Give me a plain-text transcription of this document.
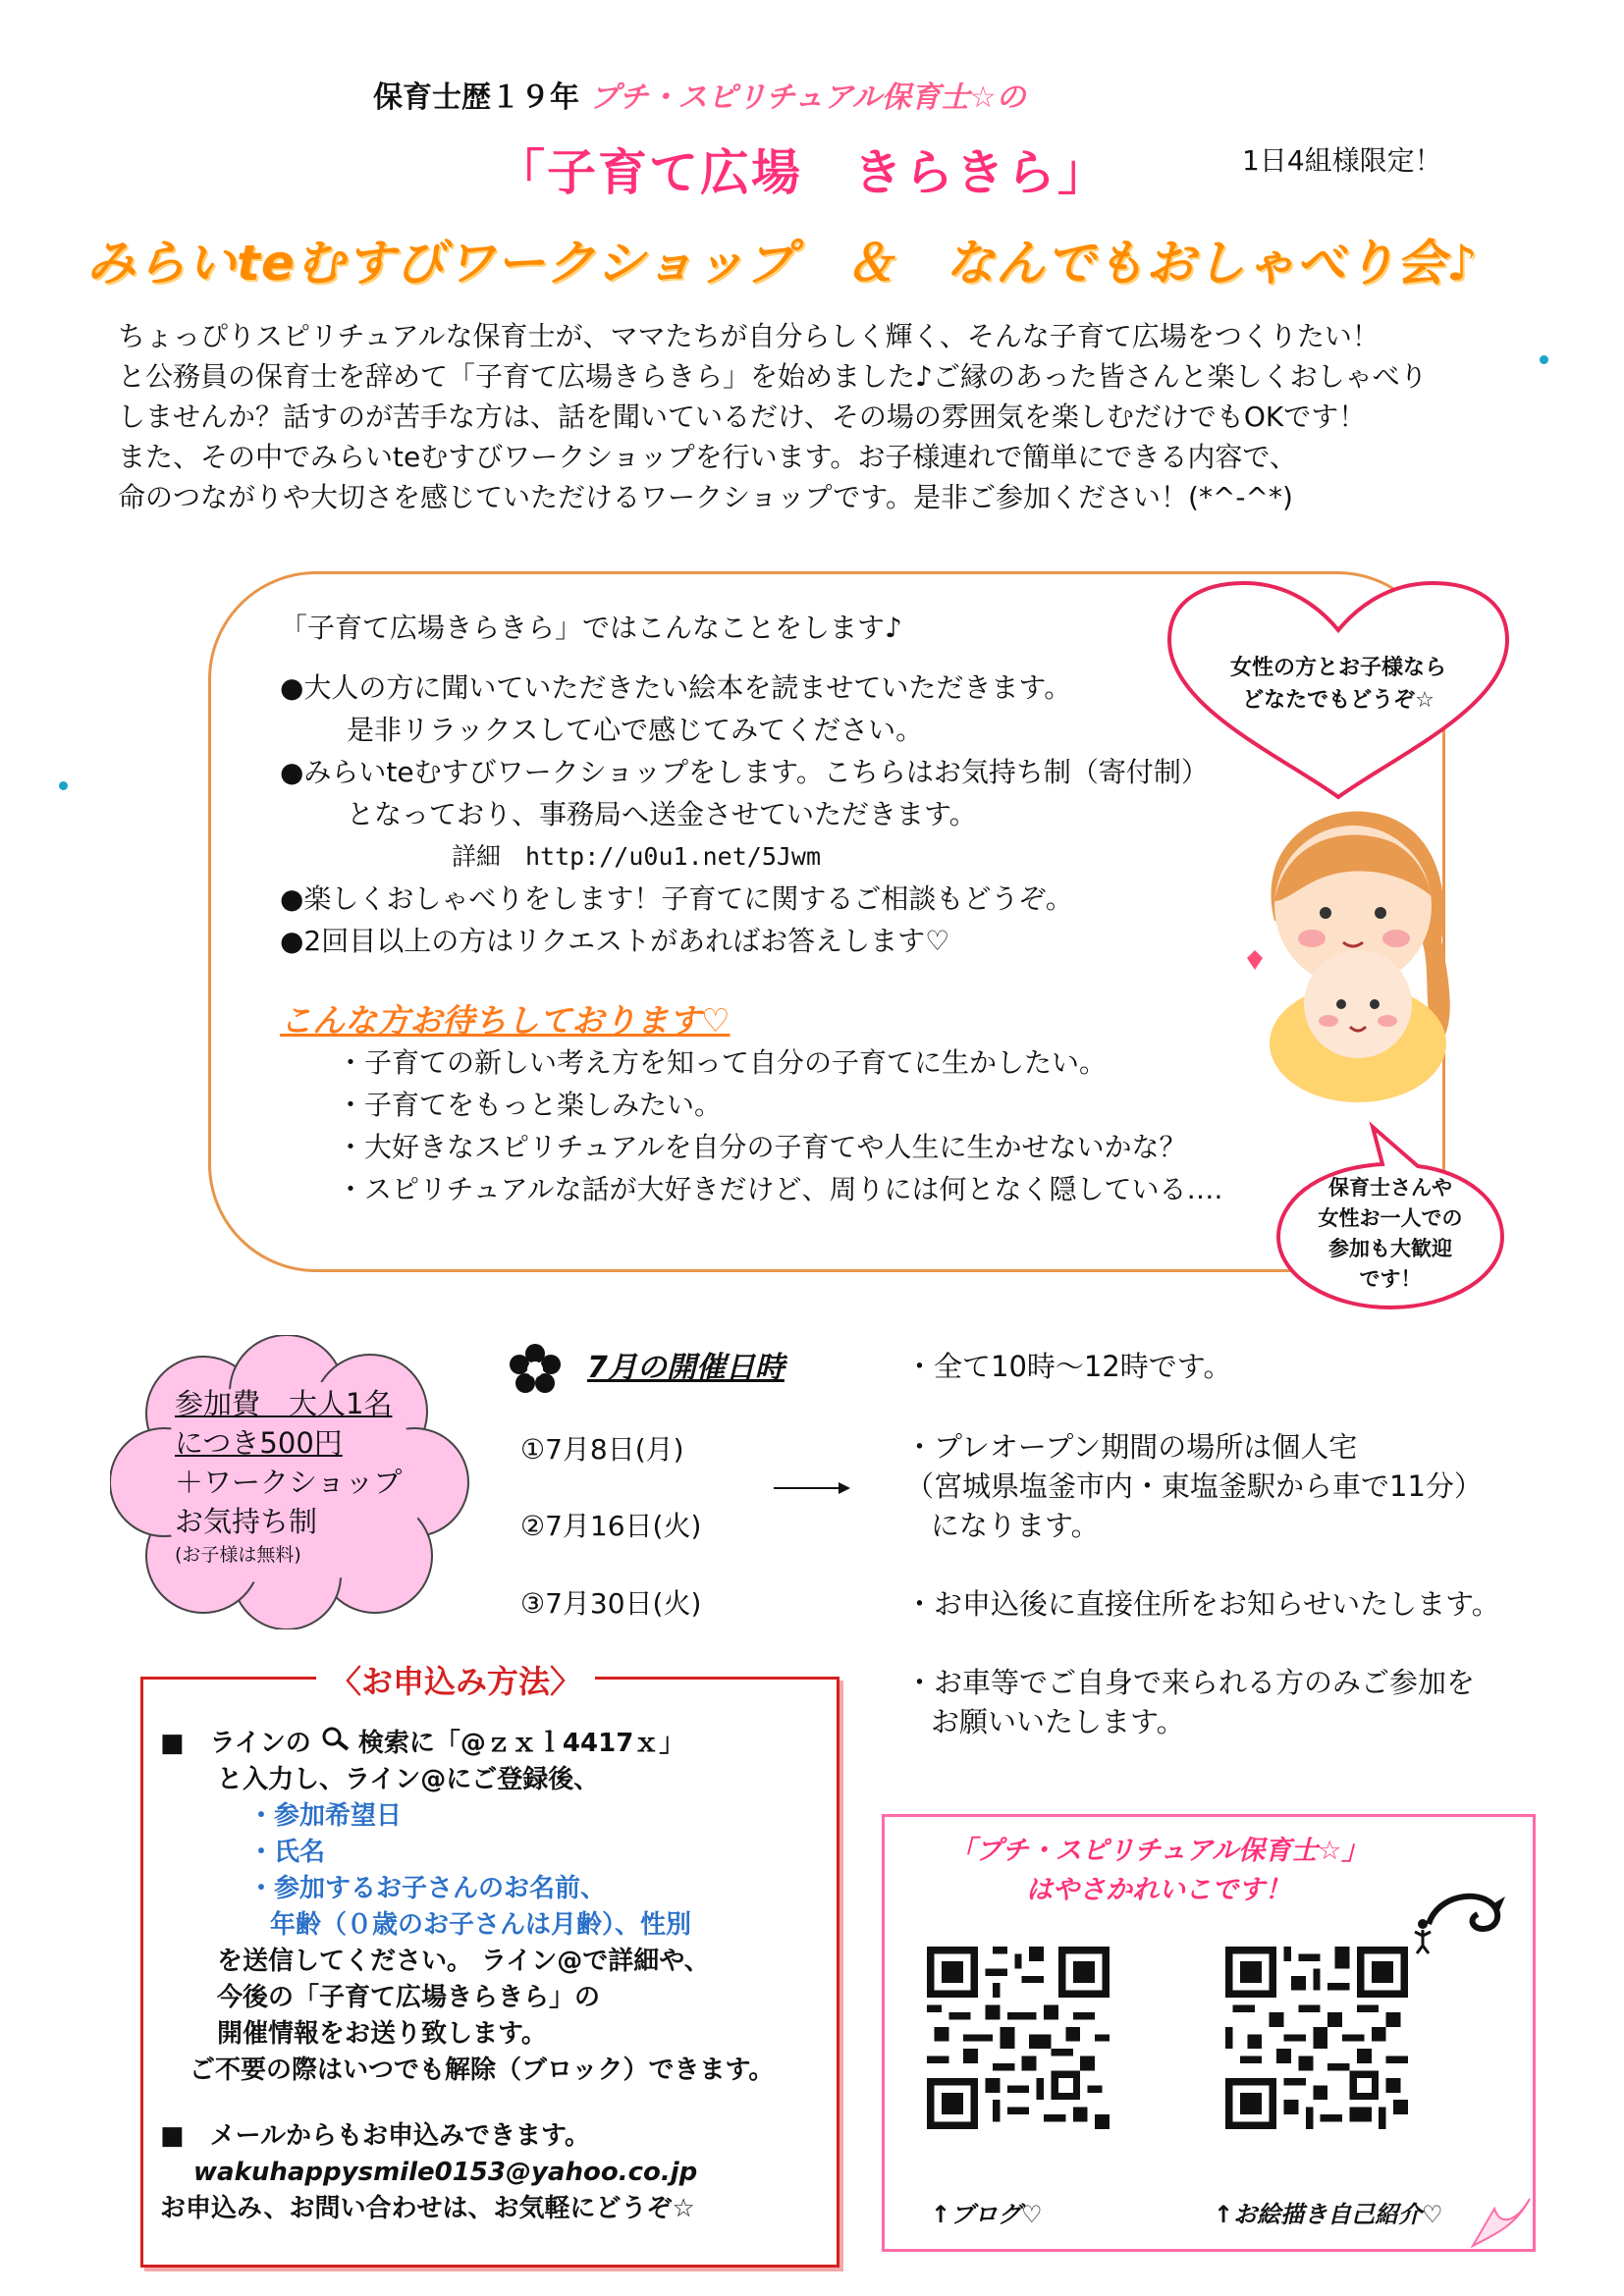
保育士歴１９年 プチ・スピリチュアル保育士☆の
「子育て広場　きらきら」	1日4組様限定！
みらいteむすびワークショップ　＆　なんでもおしゃべり会♪
ちょっぴりスピリチュアルな保育士が、ママたちが自分らしく輝く、そんな子育て広場をつくりたい！
と公務員の保育士を辞めて「子育て広場きらきら」を始めました♪ご縁のあった皆さんと楽しくおしゃべり
しませんか？話すのが苦手な方は、話を聞いているだけ、その場の雰囲気を楽しむだけでもOKです！
また、その中でみらいteむすびワークショップを行います。お子様連れで簡単にできる内容で、
命のつながりや大切さを感じていただけるワークショップです。是非ご参加ください！(*^-^*)
「子育て広場きらきら」ではこんなことをします♪
●大人の方に聞いていただきたい絵本を読ませていただきます。
是非リラックスして心で感じてみてください。
●みらいteむすびワークショップをします。こちらはお気持ち制（寄付制）
となっており、事務局へ送金させていただきます。
詳細　http://u0u1.net/5Jwm
●楽しくおしゃべりをします！子育てに関するご相談もどうぞ。
●2回目以上の方はリクエストがあればお答えします♡
こんな方お待ちしております♡
・子育ての新しい考え方を知って自分の子育てに生かしたい。
・子育てをもっと楽しみたい。
・大好きなスピリチュアルを自分の子育てや人生に生かせないかな？
・スピリチュアルな話が大好きだけど、周りには何となく隠している….
女性の方とお子様なら
どなたでもどうぞ☆
保育士さんや
女性お一人での
参加も大歓迎
です！
参加費　大人1名
につき500円
＋ワークショップ
お気持ち制
(お子様は無料)
7月の開催日時
①7月8日(月)
②7月16日(火)
③7月30日(火)
・全て10時～12時です。
・プレオープン期間の場所は個人宅
（宮城県塩釜市内・東塩釜駅から車で11分）
になります。
・お申込後に直接住所をお知らせいたします。
・お車等でご自身で来られる方のみご参加を
お願いいたします。
〈お申込み方法〉
■　ラインの 検索に「@ｚｘｌ4417ｘ」
と入力し、ライン@にご登録後、
・参加希望日
・氏名
・参加するお子さんのお名前、
年齢（０歳のお子さんは月齢）、性別
を送信してください。 ライン@で詳細や、
今後の「子育て広場きらきら」の
開催情報をお送り致します。
ご不要の際はいつでも解除（ブロック）できます。
■　メールからもお申込みできます。
wakuhappysmile0153@yahoo.co.jp
お申込み、お問い合わせは、お気軽にどうぞ☆
「プチ・スピリチュアル保育士☆」
はやさかれいこです！
↑ブログ♡	↑お絵描き自己紹介♡
